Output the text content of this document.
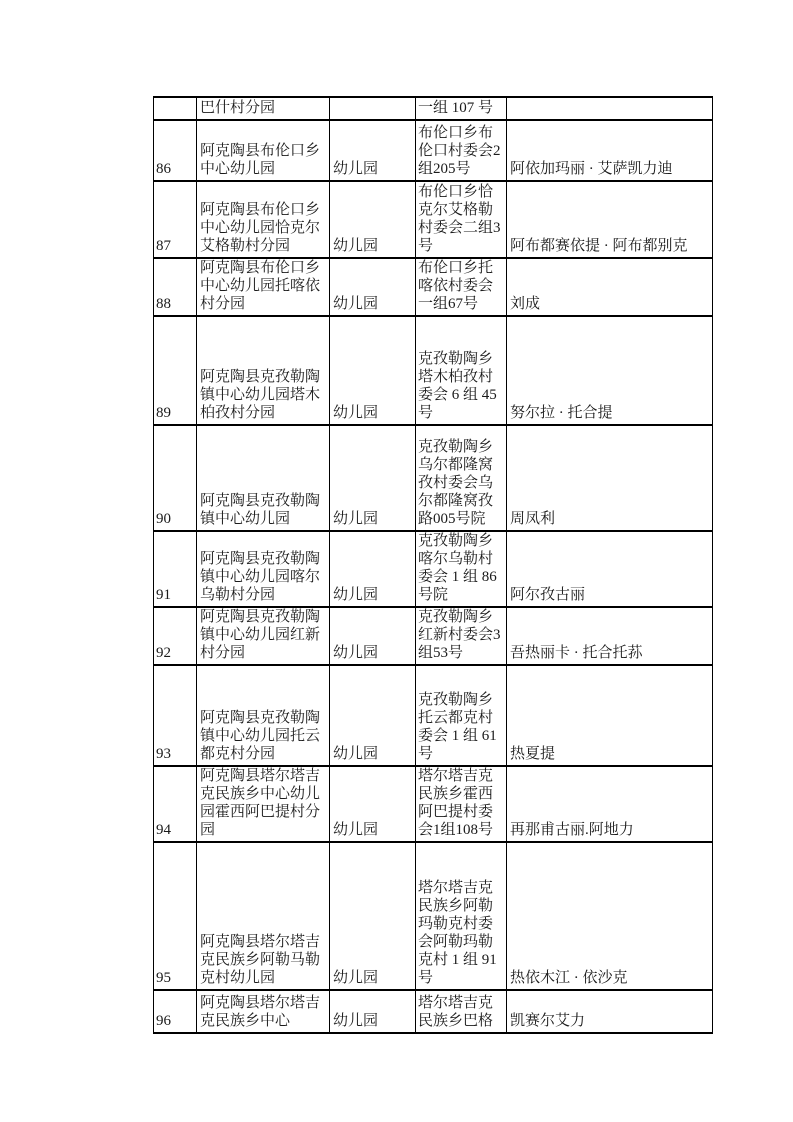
	巴什村分园		一组 107 号	
86	阿克陶县布伦口乡中心幼儿园	幼儿园	布伦口乡布伦口村委会2组205号	阿依加玛丽 · 艾萨凯力迪
87	阿克陶县布伦口乡中心幼儿园恰克尔艾格勒村分园	幼儿园	布伦口乡恰克尔艾格勒村委会二组3号	阿布都赛依提 · 阿布都别克
88	阿克陶县布伦口乡中心幼儿园托喀依村分园	幼儿园	布伦口乡托喀依村委会一组67号	刘成
89	阿克陶县克孜勒陶镇中心幼儿园塔木柏孜村分园	幼儿园	克孜勒陶乡塔木柏孜村委会 6 组 45 号	努尔拉 · 托合提
90	阿克陶县克孜勒陶镇中心幼儿园	幼儿园	克孜勒陶乡乌尔都隆窝孜村委会乌尔都隆窝孜路005号院	周凤利
91	阿克陶县克孜勒陶镇中心幼儿园喀尔乌勒村分园	幼儿园	克孜勒陶乡喀尔乌勒村委会 1 组 86 号院	阿尔孜古丽
92	阿克陶县克孜勒陶镇中心幼儿园红新村分园	幼儿园	克孜勒陶乡红新村委会3组53号	吾热丽卡 · 托合托荪
93	阿克陶县克孜勒陶镇中心幼儿园托云都克村分园	幼儿园	克孜勒陶乡托云都克村委会 1 组 61 号	热夏提
94	阿克陶县塔尔塔吉克民族乡中心幼儿园霍西阿巴提村分园	幼儿园	塔尔塔吉克民族乡霍西阿巴提村委会1组108号	再那甫古丽.阿地力
95	阿克陶县塔尔塔吉克民族乡阿勒马勒克村幼儿园	幼儿园	塔尔塔吉克民族乡阿勒玛勒克村委会阿勒玛勒克村 1 组 91 号	热依木江 · 依沙克
96	阿克陶县塔尔塔吉克民族乡中心	幼儿园	塔尔塔吉克民族乡巴格	凯赛尔艾力
